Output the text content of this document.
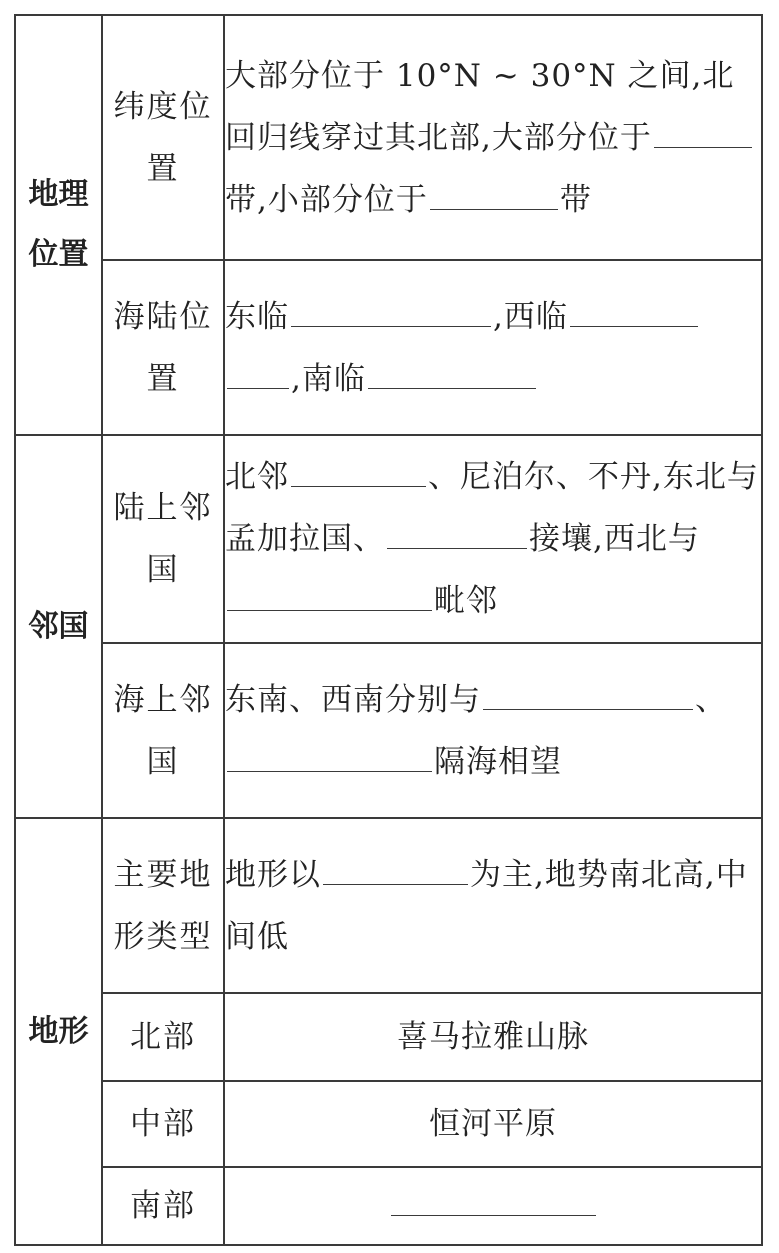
地理位置	纬度位置	大部分位于 10°N ~ 30°N 之间,北回归线穿过其北部,大部分位于带,小部分位于 带
	海陆位置	东临 ,西临,南临
邻国	陆上邻国	北邻 、尼泊尔、不丹,东北与孟加拉国、 接壤,西北与毗邻
	海上邻国	东南、西南分别与 、隔海相望
地形	主要地形类型	地形以 为主,地势南北高,中间低
	北部	喜马拉雅山脉
	中部	恒河平原
	南部	
